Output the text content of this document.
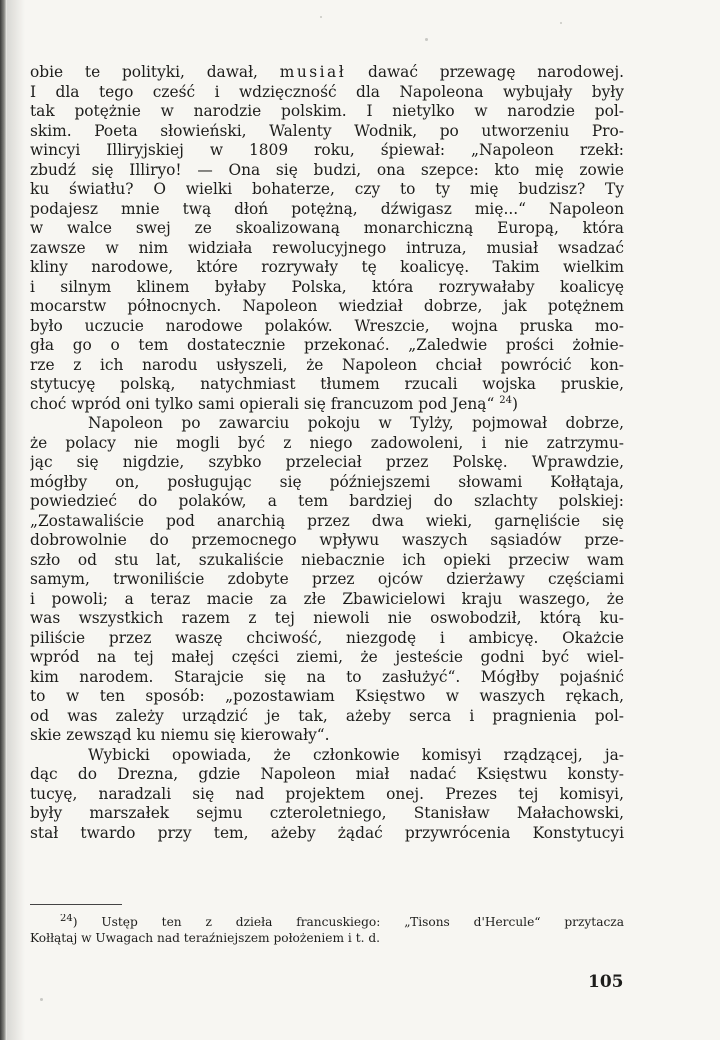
obie te polityki, dawał, musiał dawać przewagę narodowej.
I dla tego cześć i wdzięczność dla Napoleona wybujały były
tak potężnie w narodzie polskim. I nietylko w narodzie pol-
skim. Poeta słowieński, Walenty Wodnik, po utworzeniu Pro-
wincyi Illiryjskiej w 1809 roku, śpiewał: „Napoleon rzekł:
zbudź się Illiryo! — Ona się budzi, ona szepce: kto mię zowie
ku światłu? O wielki bohaterze, czy to ty mię budzisz? Ty
podajesz mnie twą dłoń potężną, dźwigasz mię...“ Napoleon
w walce swej ze skoalizowaną monarchiczną Europą, która
zawsze w nim widziała rewolucyjnego intruza, musiał wsadzać
kliny narodowe, które rozrywały tę koalicyę. Takim wielkim
i silnym klinem byłaby Polska, która rozrywałaby koalicyę
mocarstw północnych. Napoleon wiedział dobrze, jak potężnem
było uczucie narodowe polaków. Wreszcie, wojna pruska mo-
gła go o tem dostatecznie przekonać. „Zaledwie prości żołnie-
rze z ich narodu usłyszeli, że Napoleon chciał powrócić kon-
stytucyę polską, natychmiast tłumem rzucali wojska pruskie,
choć wpród oni tylko sami opierali się francuzom pod Jeną“ $^{24}$)
Napoleon po zawarciu pokoju w Tylży, pojmował dobrze,
że polacy nie mogli być z niego zadowoleni, i nie zatrzymu-
jąc się nigdzie, szybko przeleciał przez Polskę. Wprawdzie,
mógłby on, posługując się późniejszemi słowami Kołłątaja,
powiedzieć do polaków, a tem bardziej do szlachty polskiej:
„Zostawaliście pod anarchią przez dwa wieki, garnęliście się
dobrowolnie do przemocnego wpływu waszych sąsiadów prze-
szło od stu lat, szukaliście niebacznie ich opieki przeciw wam
samym, trwoniliście zdobyte przez ojców dzierżawy częściami
i powoli; a teraz macie za złe Zbawicielowi kraju waszego, że
was wszystkich razem z tej niewoli nie oswobodził, którą ku-
piliście przez waszę chciwość, niezgodę i ambicyę. Okażcie
wpród na tej małej części ziemi, że jesteście godni być wiel-
kim narodem. Starajcie się na to zasłużyć“. Mógłby pojaśnić
to w ten sposób: „pozostawiam Księstwo w waszych rękach,
od was zależy urządzić je tak, ażeby serca i pragnienia pol-
skie zewsząd ku niemu się kierowały“.
Wybicki opowiada, że członkowie komisyi rządzącej, ja-
dąc do Drezna, gdzie Napoleon miał nadać Księstwu konsty-
tucyę, naradzali się nad projektem onej. Prezes tej komisyi,
były marszałek sejmu czteroletniego, Stanisław Małachowski,
stał twardo przy tem, ażeby żądać przywrócenia Konstytucyi
$^{24}$) Ustęp ten z dzieła francuskiego: „Tisons d'Hercule“ przytacza
Kołłątaj w Uwagach nad teraźniejszem położeniem i t. d.
105
